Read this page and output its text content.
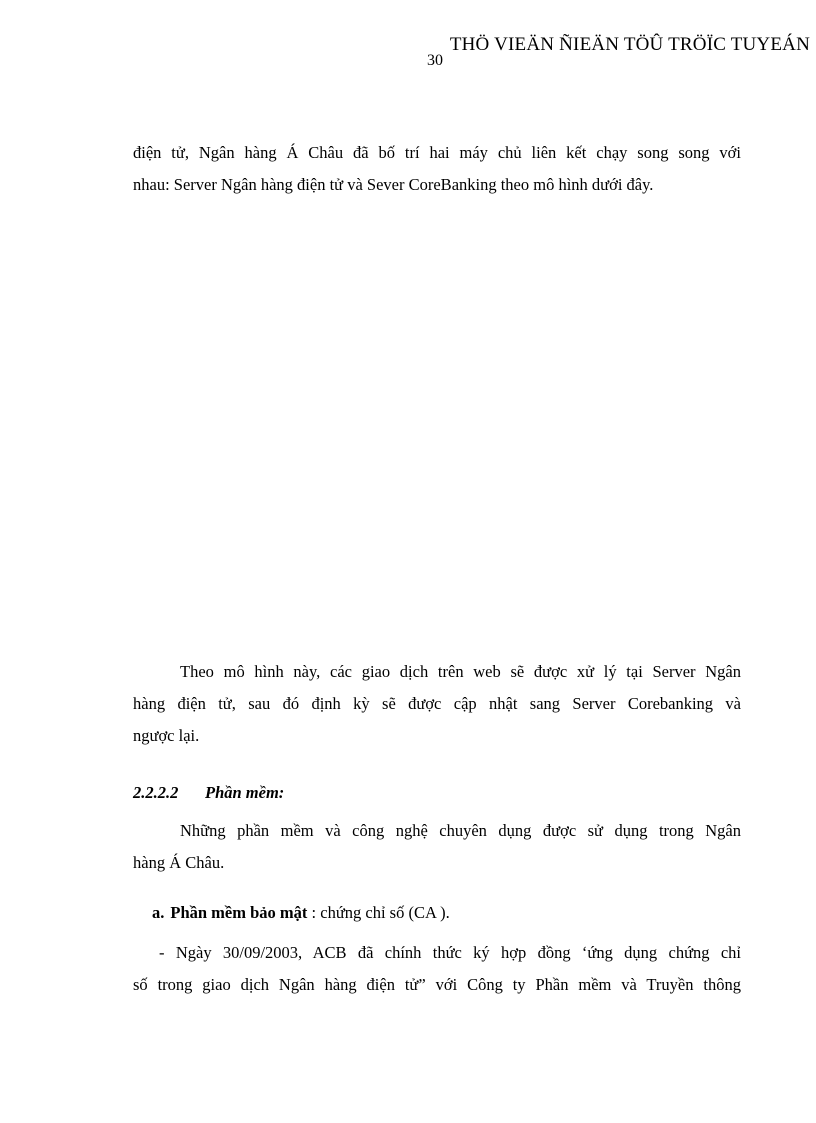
THÖ VIEÄN ÑIEÄN TÖÛ TRÖÏC TUYEÁN
30

điện tử, Ngân hàng Á Châu đã bố trí hai máy chủ liên kết chạy song song với
nhau: Server Ngân hàng điện tử và Sever CoreBanking theo mô hình dưới đây.

Theo mô hình này, các giao dịch trên web sẽ được xử lý tại Server Ngân
hàng điện tử, sau đó định kỳ sẽ được cập nhật sang Server Corebanking và
ngược lại.

2.2.2.2 Phần mềm:

Những phần mềm và công nghệ chuyên dụng được sử dụng trong Ngân
hàng Á Châu.

a. Phần mềm bảo mật : chứng chỉ số (CA ).

- Ngày 30/09/2003, ACB đã chính thức ký hợp đồng ‘ứng dụng chứng chỉ
số trong giao dịch Ngân hàng điện tử” với Công ty Phần mềm và Truyền thông
